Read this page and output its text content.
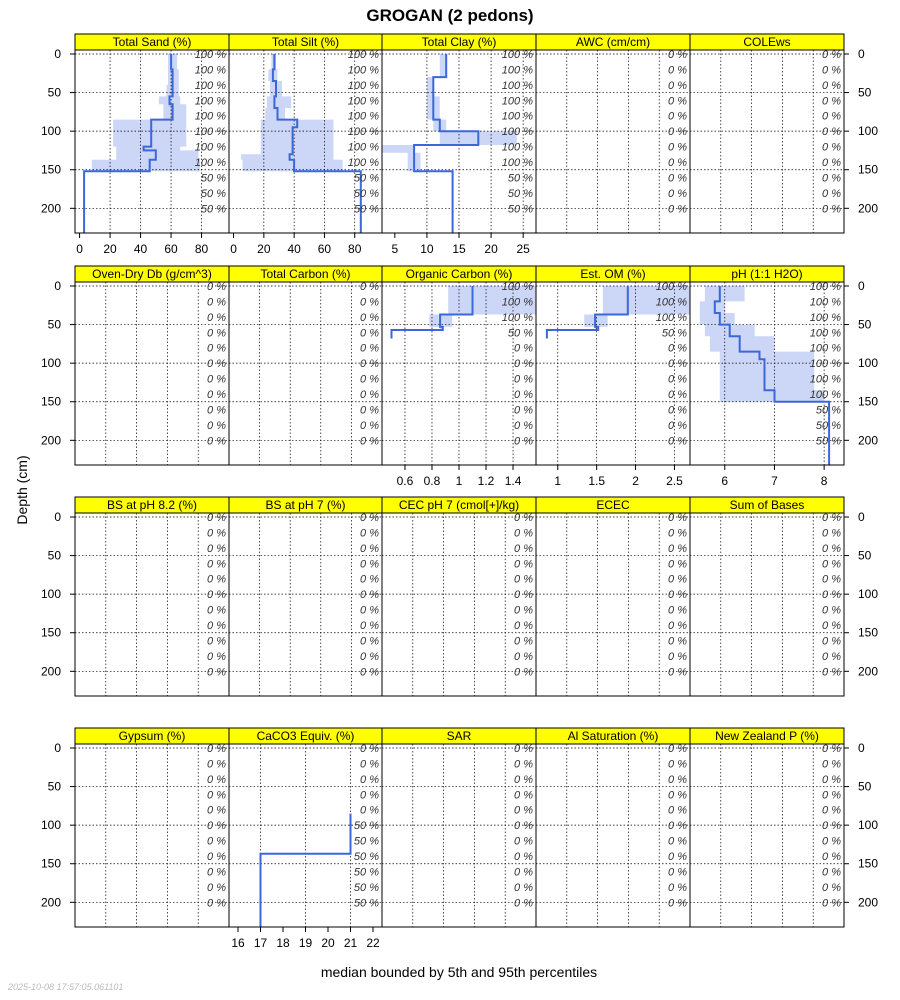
GROGAN (2 pedons)
Total Sand (%)
100 %
100 %
100 %
100 %
100 %
100 %
100 %
100 %
50 %
50 %
50 %
0 20 40 60 80
0
50
100
150
200
Total Silt (%)
100 %
100 %
100 %
100 %
100 %
100 %
100 %
100 %
50 %
50 %
50 %
0 20 40 60 80
Total Clay (%)
100 %
100 %
100 %
100 %
100 %
100 %
100 %
100 %
50 %
50 %
50 %
5 10 15 20 25
AWC (cm/cm)
0 %
0 %
0 %
0 %
0 %
0 %
0 %
0 %
0 %
0 %
0 %
COLEws
0 %
0 %
0 %
0 %
0 %
0 %
0 %
0 %
0 %
0 %
0 %
0
50
100
150
200
Oven-Dry Db (g/cm^3)
0 %
0 %
0 %
0 %
0 %
0 %
0 %
0 %
0 %
0 %
0 %
0
50
100
150
200
Total Carbon (%)
0 %
0 %
0 %
0 %
0 %
0 %
0 %
0 %
0 %
0 %
0 %
Organic Carbon (%)
100 %
100 %
100 %
50 %
0 %
0 %
0 %
0 %
0 %
0 %
0 %
0.6 0.8 1 1.2 1.4
Est. OM (%)
100 %
100 %
100 %
50 %
0 %
0 %
0 %
0 %
0 %
0 %
0 %
1 1.5 2 2.5
pH (1:1 H2O)
100 %
100 %
100 %
100 %
100 %
100 %
100 %
100 %
50 %
50 %
50 %
6	7	8
0
50
100
150
200
BS at pH 8.2 (%)
0 %
0 %
0 %
0 %
0 %
0 %
0 %
0 %
0 %
0 %
0 %
0
50
100
150
200
BS at pH 7 (%)
0 %
0 %
0 %
0 %
0 %
0 %
0 %
0 %
0 %
0 %
0 %
CEC pH 7 (cmol[+]/kg)
0 %
0 %
0 %
0 %
0 %
0 %
0 %
0 %
0 %
0 %
0 %
ECEC
0 %
0 %
0 %
0 %
0 %
0 %
0 %
0 %
0 %
0 %
0 %
Sum of Bases
0 %
0 %
0 %
0 %
0 %
0 %
0 %
0 %
0 %
0 %
0 %
0
50
100
150
200
Gypsum (%)
0 %
0 %
0 %
0 %
0 %
0 %
0 %
0 %
0 %
0 %
0 %
0
50
100
150
200
CaCO3 Equiv. (%)
0 %
0 %
0 %
0 %
0 %
50 %
50 %
50 %
50 %
50 %
50 %
16 17 18 19 20 21 22
SAR
0 %
0 %
0 %
0 %
0 %
0 %
0 %
0 %
0 %
0 %
0 %
Al Saturation (%)
0 %
0 %
0 %
0 %
0 %
0 %
0 %
0 %
0 %
0 %
0 %
New Zealand P (%)
0 %
0 %
0 %
0 %
0 %
0 %
0 %
0 %
0 %
0 %
0 %
0
50
100
150
200
Depth (cm)
median bounded by 5th and 95th percentiles
2025-10-08 17:57:05.061101
